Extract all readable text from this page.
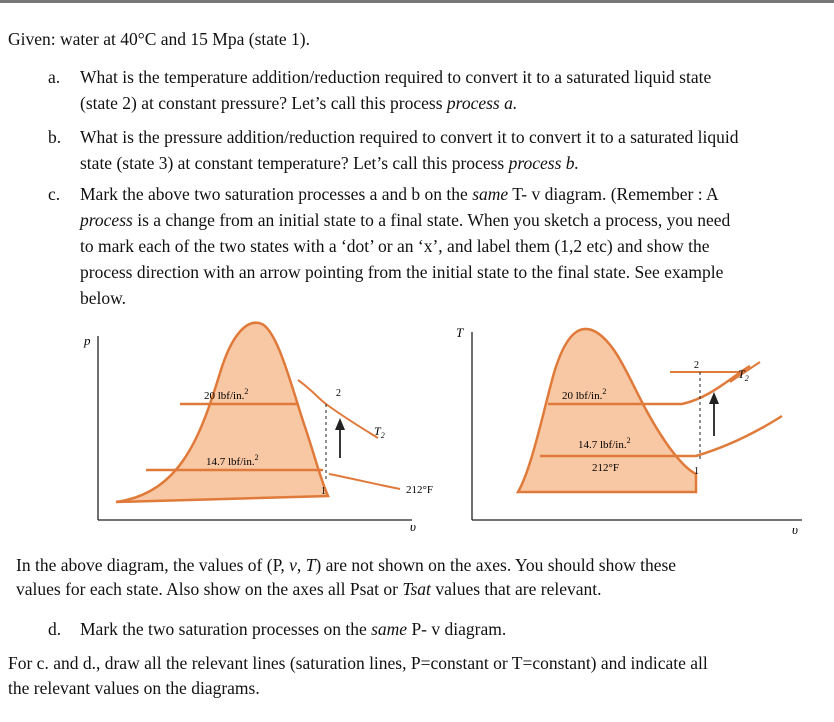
Given: water at 40°C and 15 Mpa (state 1).
a. What is the temperature addition/reduction required to convert it to a saturated liquid state
(state 2) at constant pressure? Let’s call this process process a.
b. What is the pressure addition/reduction required to convert it to convert it to a saturated liquid
state (state 3) at constant temperature? Let’s call this process process b.
c. Mark the above two saturation processes a and b on the same T- v diagram. (Remember : A
process is a change from an initial state to a final state. When you sketch a process, you need
to mark each of the two states with a ‘dot’ or an ‘x’, and label them (1,2 etc) and show the
process direction with an arrow pointing from the initial state to the final state. See example
below.
p
υ
20 lbf/in.$^2$
14.7 lbf/in.$^2$
2
1
$T_2$
212°F
T
υ
20 lbf/in.$^2$
14.7 lbf/in.$^2$
212°F
2
1
$T_2$
In the above diagram, the values of (P, v, T) are not shown on the axes. You should show these
values for each state. Also show on the axes all Psat or Tsat values that are relevant.
d. Mark the two saturation processes on the same P- v diagram.
For c. and d., draw all the relevant lines (saturation lines, P=constant or T=constant) and indicate all
the relevant values on the diagrams.
